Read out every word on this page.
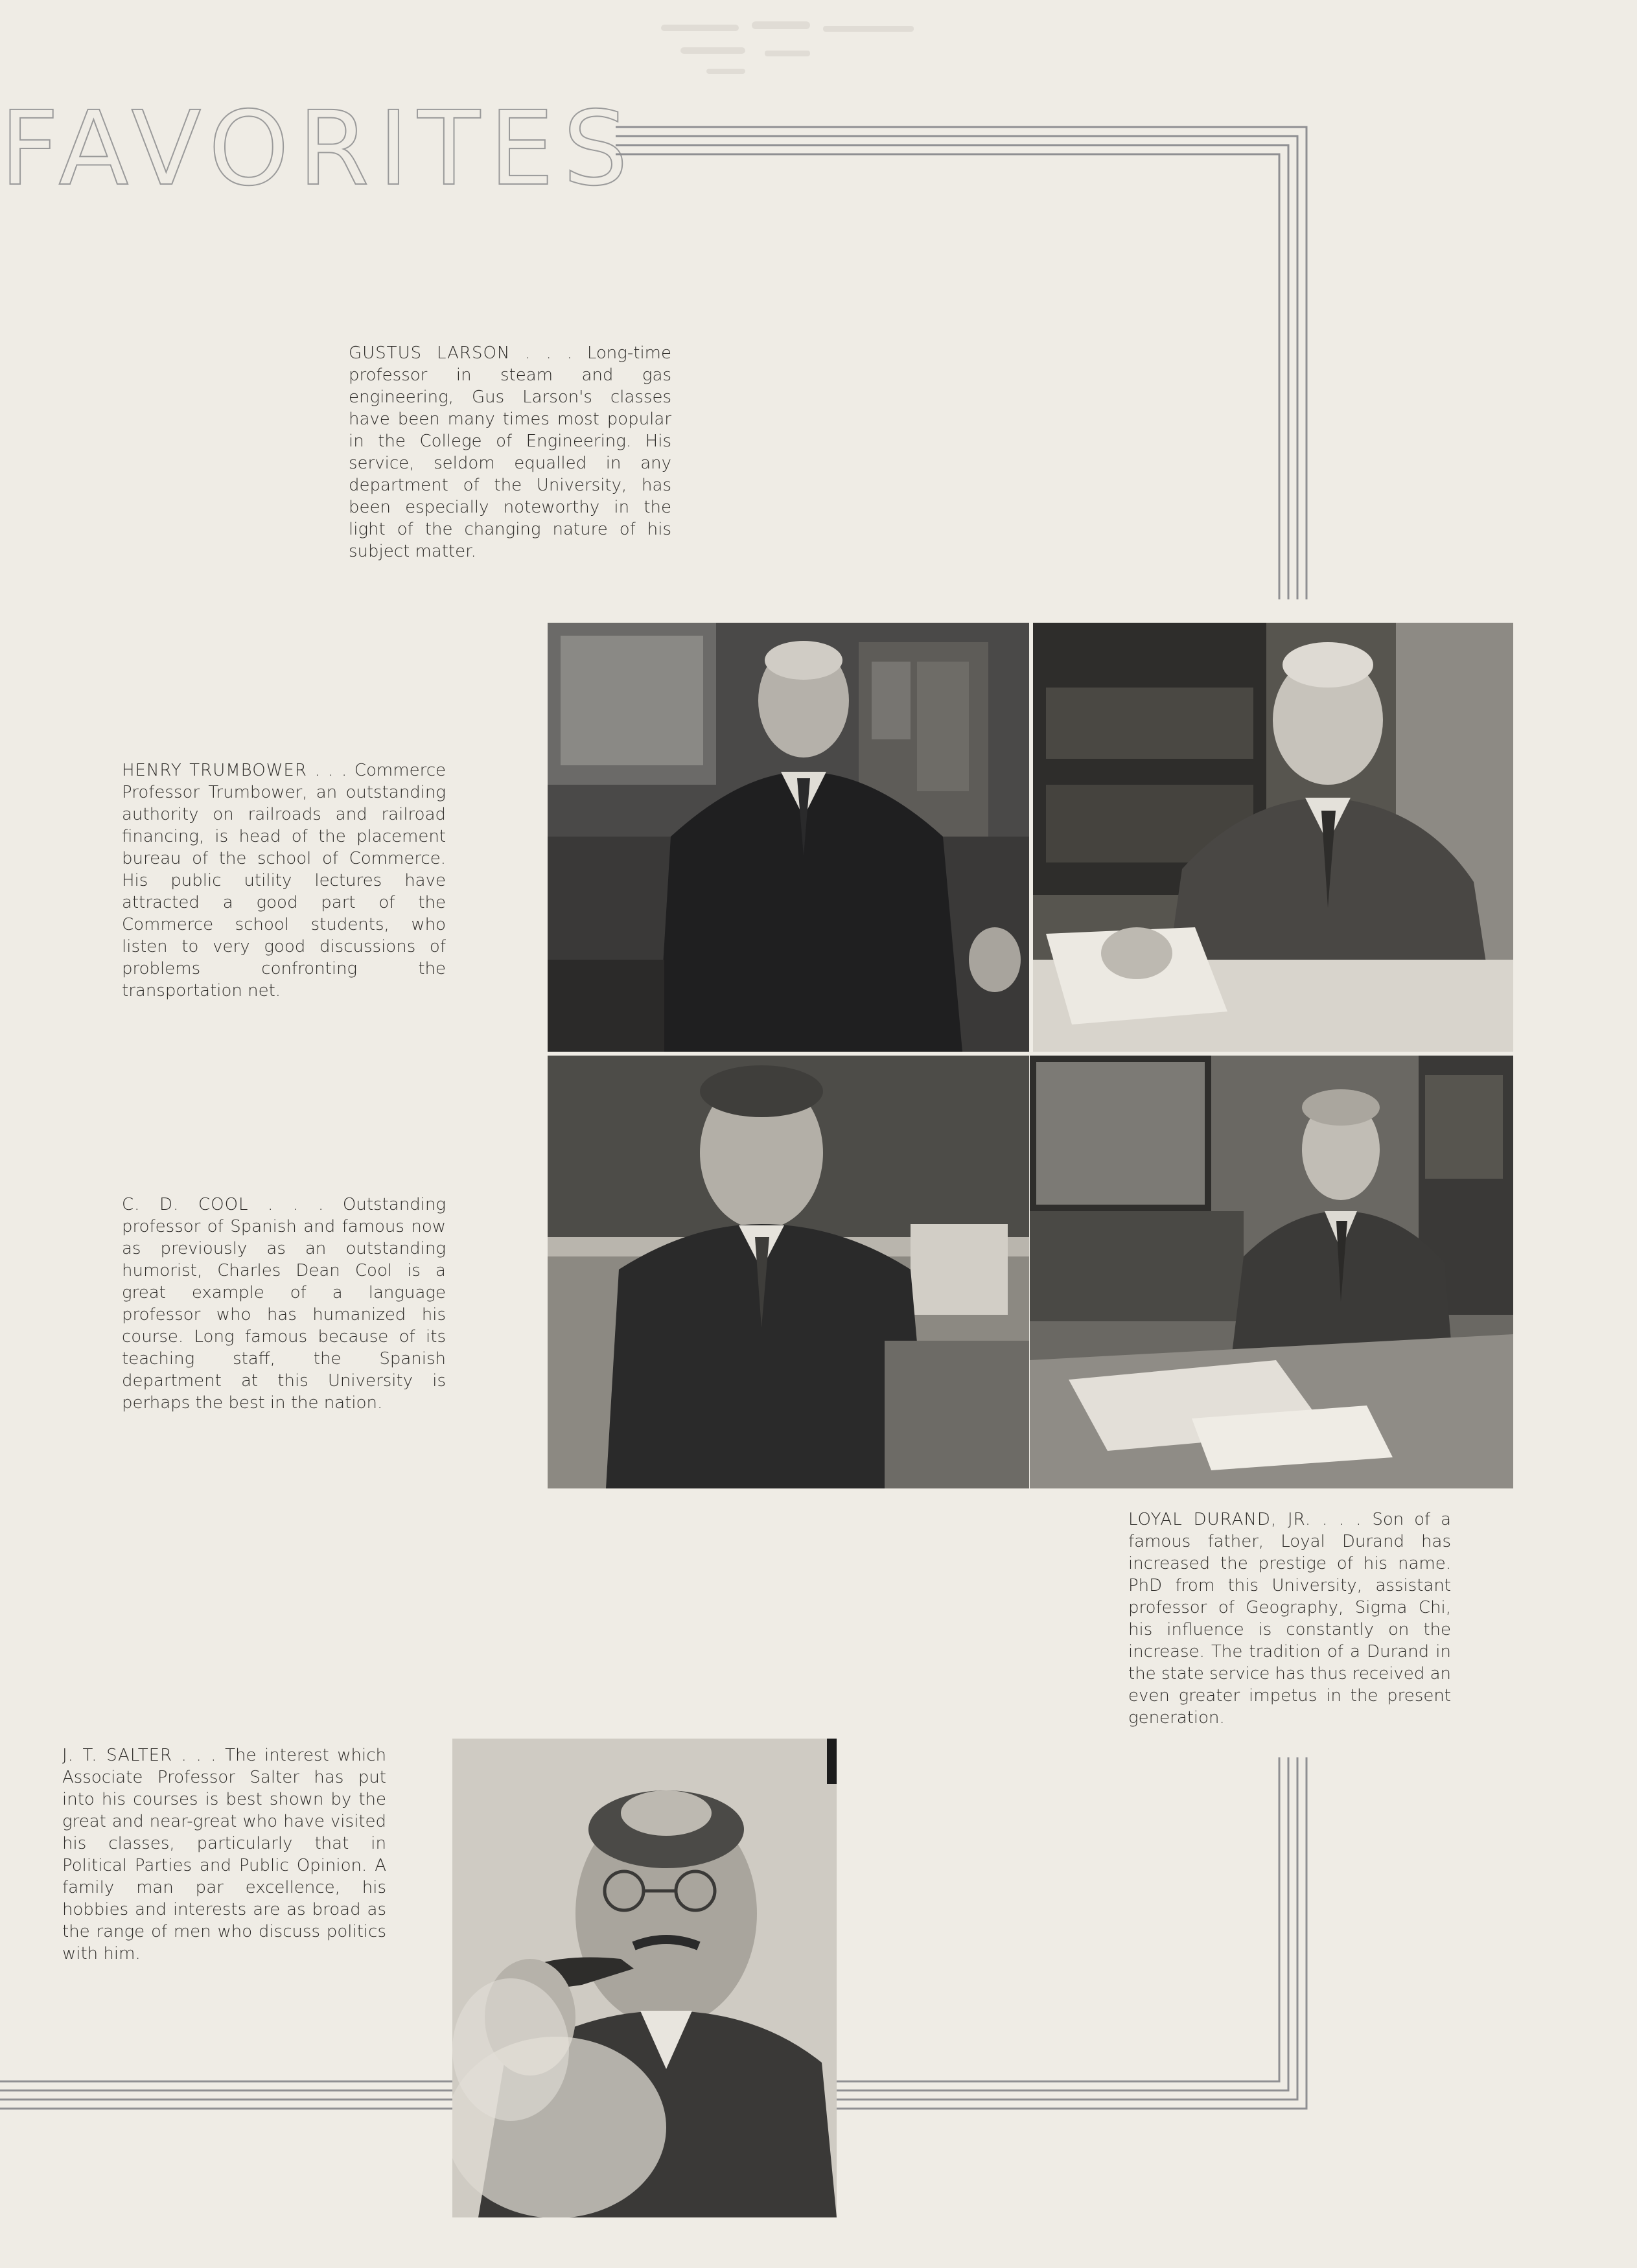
FAVORITES

GUSTUS LARSON . . . Long-time professor in steam and gas engineering, Gus Larson's classes have been many times most popular in the College of Engineering. His service, seldom equalled in any department of the University, has been especially noteworthy in the light of the changing nature of his subject matter.

HENRY TRUMBOWER . . . Commerce Professor Trumbower, an outstanding authority on railroads and railroad financing, is head of the placement bureau of the school of Commerce. His public utility lectures have attracted a good part of the Commerce school students, who listen to very good discussions of problems confronting the transportation net.

C. D. COOL . . . Outstanding professor of Spanish and famous now as previously as an outstanding humorist, Charles Dean Cool is a great example of a language professor who has humanized his course. Long famous because of its teaching staff, the Spanish department at this University is perhaps the best in the nation.

LOYAL DURAND, JR. . . . Son of a famous father, Loyal Durand has increased the prestige of his name. PhD from this University, assistant professor of Geography, Sigma Chi, his influence is constantly on the increase. The tradition of a Durand in the state service has thus received an even greater impetus in the present generation.

J. T. SALTER . . . The interest which Associate Professor Salter has put into his courses is best shown by the great and near-great who have visited his classes, particularly that in Political Parties and Public Opinion. A family man par excellence, his hobbies and interests are as broad as the range of men who discuss politics with him.
